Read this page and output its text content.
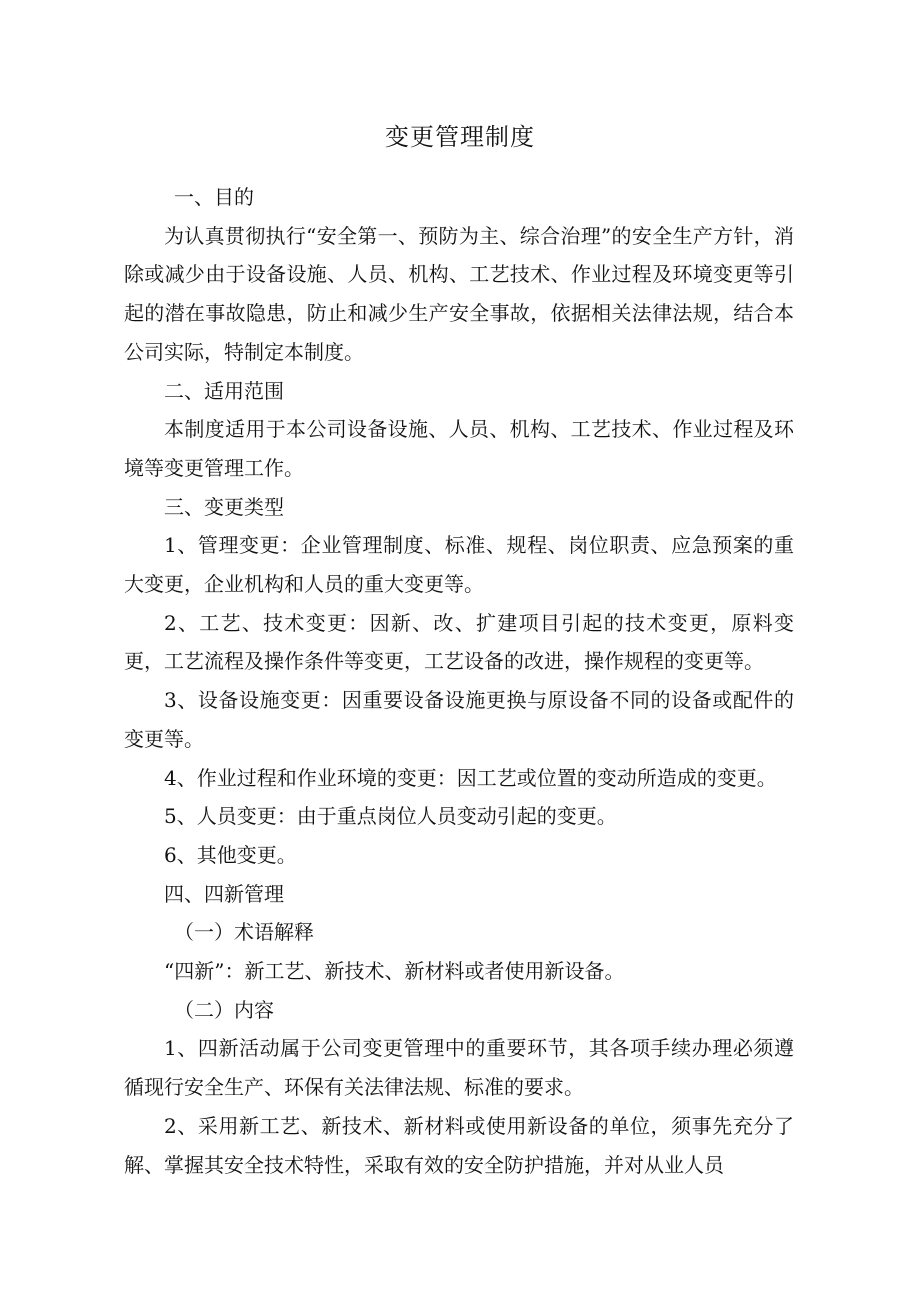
变更管理制度

一、目的

为认真贯彻执行“安全第一、预防为主、综合治理”的安全生产方针，消除或减少由于设备设施、人员、机构、工艺技术、作业过程及环境变更等引起的潜在事故隐患，防止和减少生产安全事故，依据相关法律法规，结合本公司实际，特制定本制度。

二、适用范围

本制度适用于本公司设备设施、人员、机构、工艺技术、作业过程及环境等变更管理工作。

三、变更类型

1、管理变更：企业管理制度、标准、规程、岗位职责、应急预案的重大变更，企业机构和人员的重大变更等。

2、工艺、技术变更：因新、改、扩建项目引起的技术变更，原料变更，工艺流程及操作条件等变更，工艺设备的改进，操作规程的变更等。

3、设备设施变更：因重要设备设施更换与原设备不同的设备或配件的变更等。

4、作业过程和作业环境的变更：因工艺或位置的变动所造成的变更。

5、人员变更：由于重点岗位人员变动引起的变更。

6、其他变更。

四、四新管理

（一）术语解释

“四新”：新工艺、新技术、新材料或者使用新设备。

（二）内容

1、四新活动属于公司变更管理中的重要环节，其各项手续办理必须遵循现行安全生产、环保有关法律法规、标准的要求。

2、采用新工艺、新技术、新材料或使用新设备的单位，须事先充分了解、掌握其安全技术特性，采取有效的安全防护措施，并对从业人员
